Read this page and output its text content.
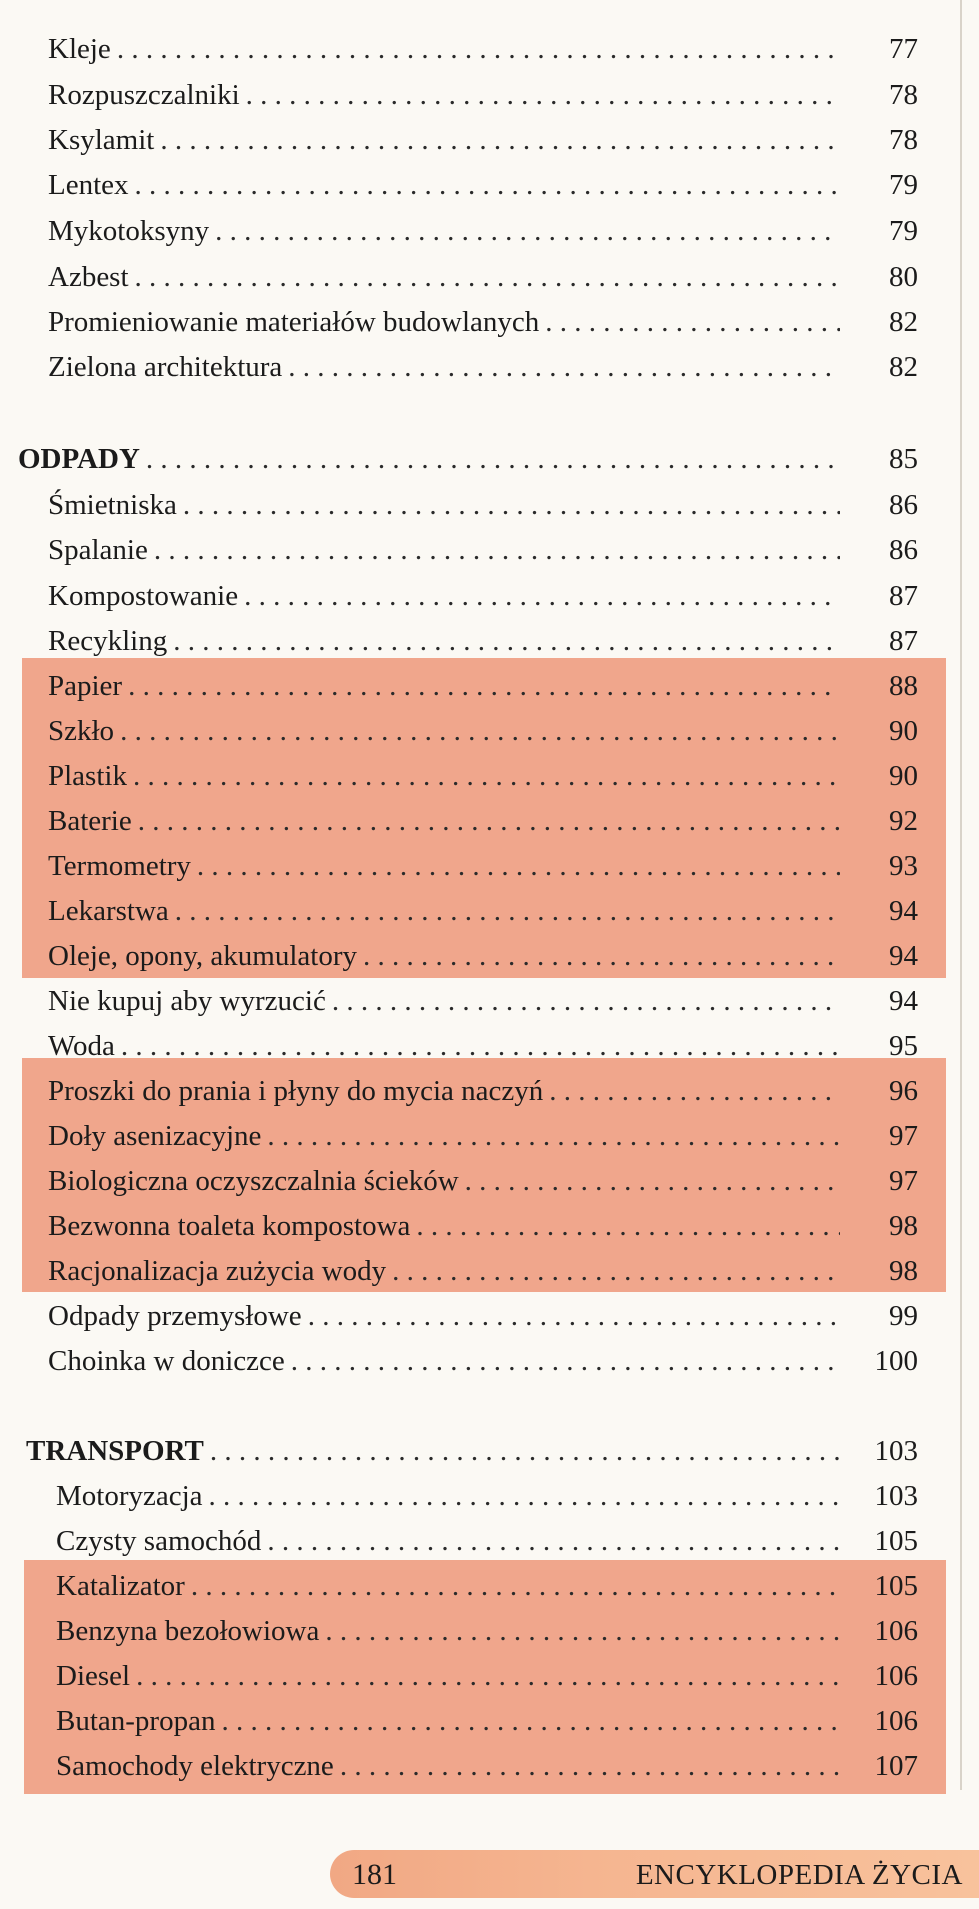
Kleje . . .	77
Rozpuszczalniki . . .	78
Ksylamit . . .	78
Lentex . . .	79
Mykotoksyny . . .	79
Azbest . . .	80
Promieniowanie materiałów budowlanych . . .	82
Zielona architektura . . .	82
ODPADY . . .	85
Śmietniska . . .	86
Spalanie . . .	86
Kompostowanie . . .	87
Recykling . . .	87
Papier . . .	88
Szkło . . .	90
Plastik . . .	90
Baterie . . .	92
Termometry . . .	93
Lekarstwa . . .	94
Oleje, opony, akumulatory . . .	94
Nie kupuj aby wyrzucić . . .	94
Woda . . .	95
Proszki do prania i płyny do mycia naczyń . . .	96
Doły asenizacyjne . . .	97
Biologiczna oczyszczalnia ścieków . . .	97
Bezwonna toaleta kompostowa . . .	98
Racjonalizacja zużycia wody . . .	98
Odpady przemysłowe . . .	99
Choinka w doniczce . . .	100
TRANSPORT . . .	103
Motoryzacja . . .	103
Czysty samochód . . .	105
Katalizator . . .	105
Benzyna bezołowiowa . . .	106
Diesel . . .	106
Butan-propan . . .	106
Samochody elektryczne . . .	107
181	ENCYKLOPEDIA ŻYCIA
